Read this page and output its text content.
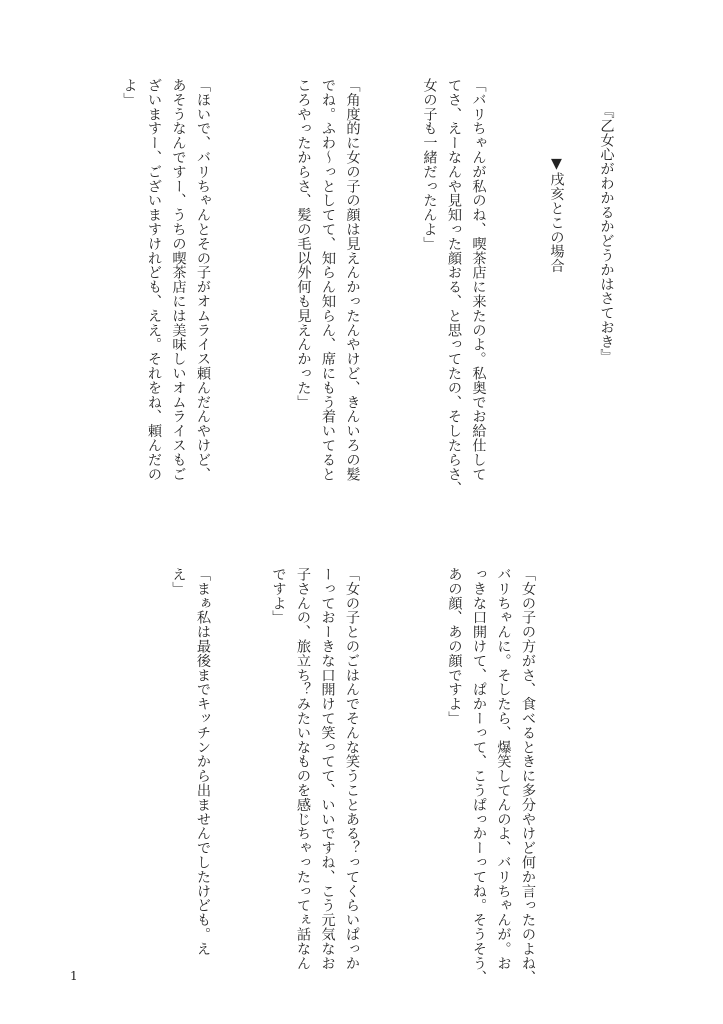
『乙女心がわかるかどうかはさておき』

▼戌亥とこの場合

「バリちゃんが私のね、喫茶店に来たのよ。私奥でお給仕して
てさ、えーなんや見知った顔おる、と思ってたの、そしたらさ、
女の子も一緒だったんよ」

「角度的に女の子の顔は見えんかったんやけど、きんいろの髪
でね。ふわ～っとしてて、知らん知らん、席にもう着いてると
ころやったからさ、髪の毛以外何も見えんかった」

「ほいで、バリちゃんとその子がオムライス頼んだんやけど、
あそうなんですー、うちの喫茶店には美味しいオムライスもご
ざいますー、ございますけれども、ええ。それをね、頼んだの
よ」

「女の子の方がさ、食べるときに多分やけど何か言ったのよね、
バリちゃんに。そしたら、爆笑してんのよ、バリちゃんが。お
っきな口開けて、ぱかーって、こうぱっかーってね。そうそう、
あの顔、あの顔ですよ」

「女の子とのごはんでそんな笑うことある？ってくらいぱっか
ーっておーきな口開けて笑ってて、いいですね、こう元気なお
子さんの、旅立ち？みたいなものを感じちゃったってぇ話なん
ですよ」

「まぁ私は最後までキッチンから出ませんでしたけども。え
え」

1
